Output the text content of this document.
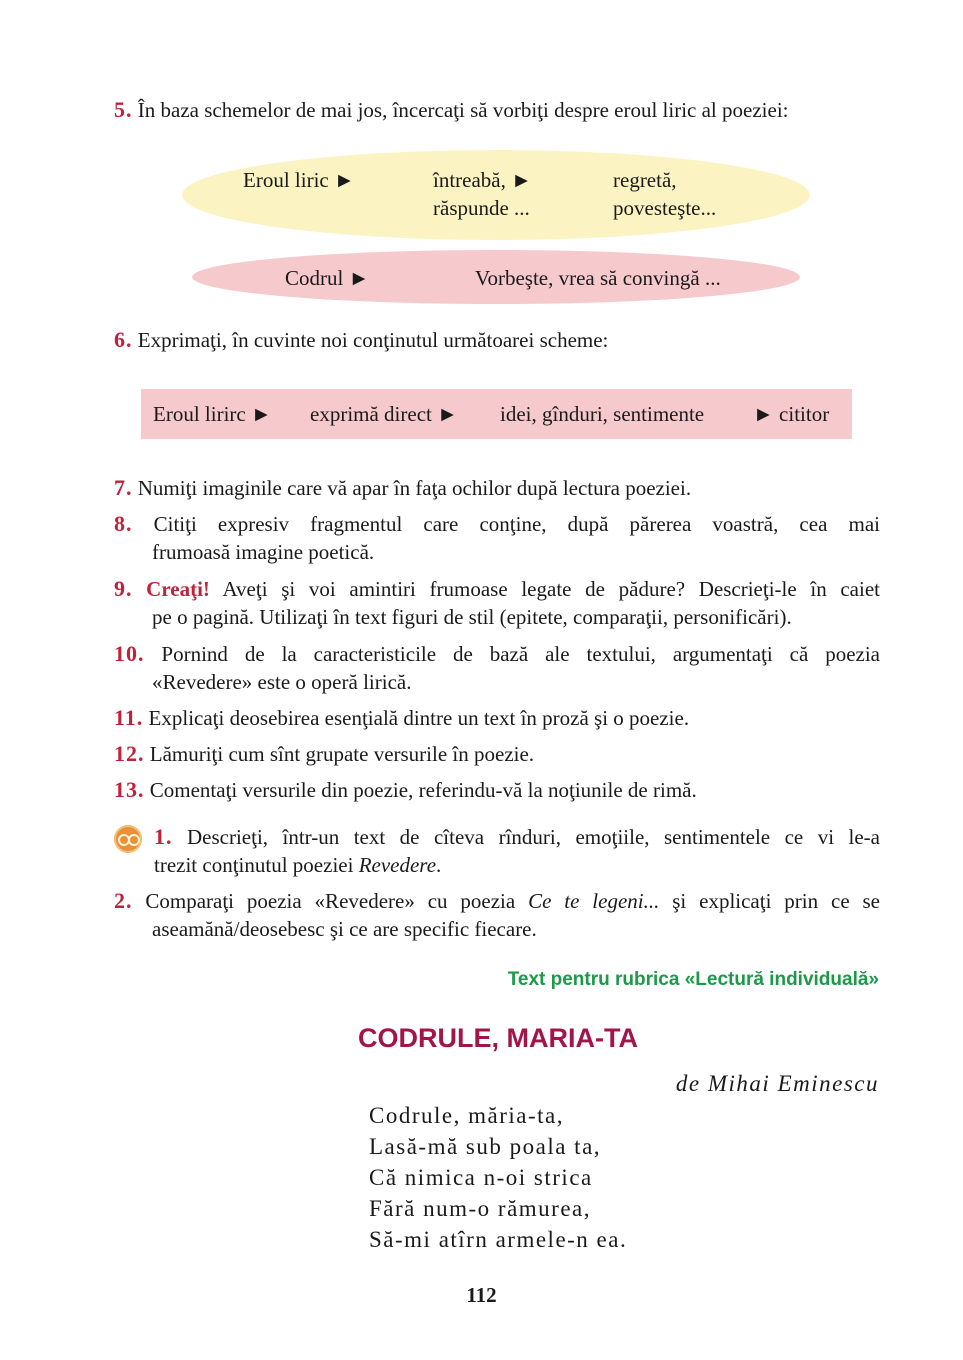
5. În baza schemelor de mai jos, încercaţi să vorbiţi despre eroul liric al poeziei:
Eroul liric ►	întreabă, ►
răspunde ...
regretă,
povesteşte...
Codrul ►	Vorbeşte, vrea să convingă ...
6. Exprimaţi, în cuvinte noi conţinutul următoarei scheme:
Eroul lirirc ► exprimă direct ► idei, gînduri, sentimente ► cititor
7. Numiţi imaginile care vă apar în faţa ochilor după lectura poeziei.
8. Citiţi expresiv fragmentul care conţine, după părerea voastră, cea mai
frumoasă imagine poetică.
9. Creaţi! Aveţi şi voi amintiri frumoase legate de pădure? Descrieţi-le în caiet
pe o pagină. Utilizaţi în text figuri de stil (epitete, comparaţii, personificări).
10. Pornind de la caracteristicile de bază ale textului, argumentaţi că poezia
«Revedere» este o operă lirică.
11. Explicaţi deosebirea esenţială dintre un text în proză şi o poezie.
12. Lămuriţi cum sînt grupate versurile în poezie.
13. Comentaţi versurile din poezie, referindu-vă la noţiunile de rimă.
1. Descrieţi, într-un text de cîteva rînduri, emoţiile, sentimentele ce vi le-a
trezit conţinutul poeziei Revedere.
2. Comparaţi poezia «Revedere» cu poezia Ce te legeni... şi explicaţi prin ce se
aseamănă/deosebesc şi ce are specific fiecare.
Text pentru rubrica «Lectură individuală»
CODRULE, MARIA-TA
de Mihai Eminescu
Codrule, măria-ta,
Lasă-mă sub poala ta,
Că nimica n-oi strica
Fără num-o rămurea,
Să-mi atîrn armele-n ea.
112
